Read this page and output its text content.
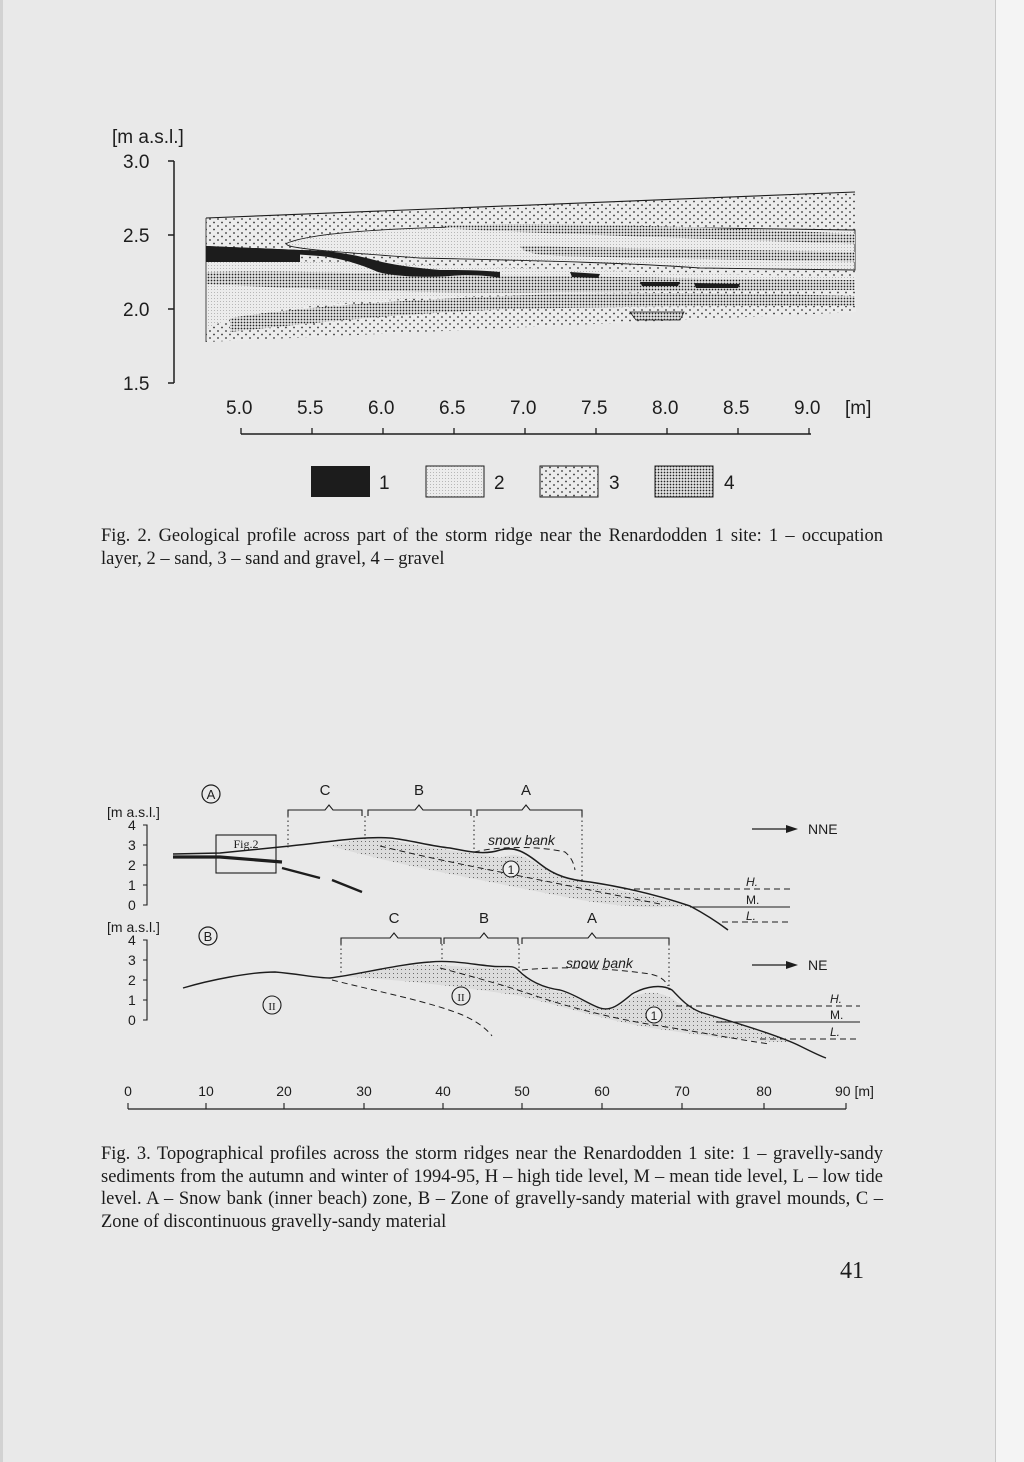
[m a.s.l.]
3.0
2.5
2.0
1.5
5.0 5.5 6.0 6.5 7.0 7.5 8.0 8.5 9.0 [m]
1	2	3	4
A
[m a.s.l.]
4
3
2
1
0
C	B	A
snow bank
Fig.2
1
H.
M.
L.
NNE
B
[m a.s.l.]
4
3
2
1
0
C	B	A
snow bank
II
II
1
H.
M.
L.
NE
0	10	20	30	40	50	60	70	80	90 [m]
Fig. 2. Geological profile across part of the storm ridge near the Renardodden 1 site: 1 – occupation layer, 2 – sand, 3 – sand and gravel, 4 – gravel
Fig. 3. Topographical profiles across the storm ridges near the Renardodden 1 site: 1 – gravelly-sandy sediments from the autumn and winter of 1994-95, H – high tide level, M – mean tide level, L – low tide level. A – Snow bank (inner beach) zone, B – Zone of gravelly-sandy material with gravel mounds, C – Zone of discontinuous gravelly-sandy material
41
